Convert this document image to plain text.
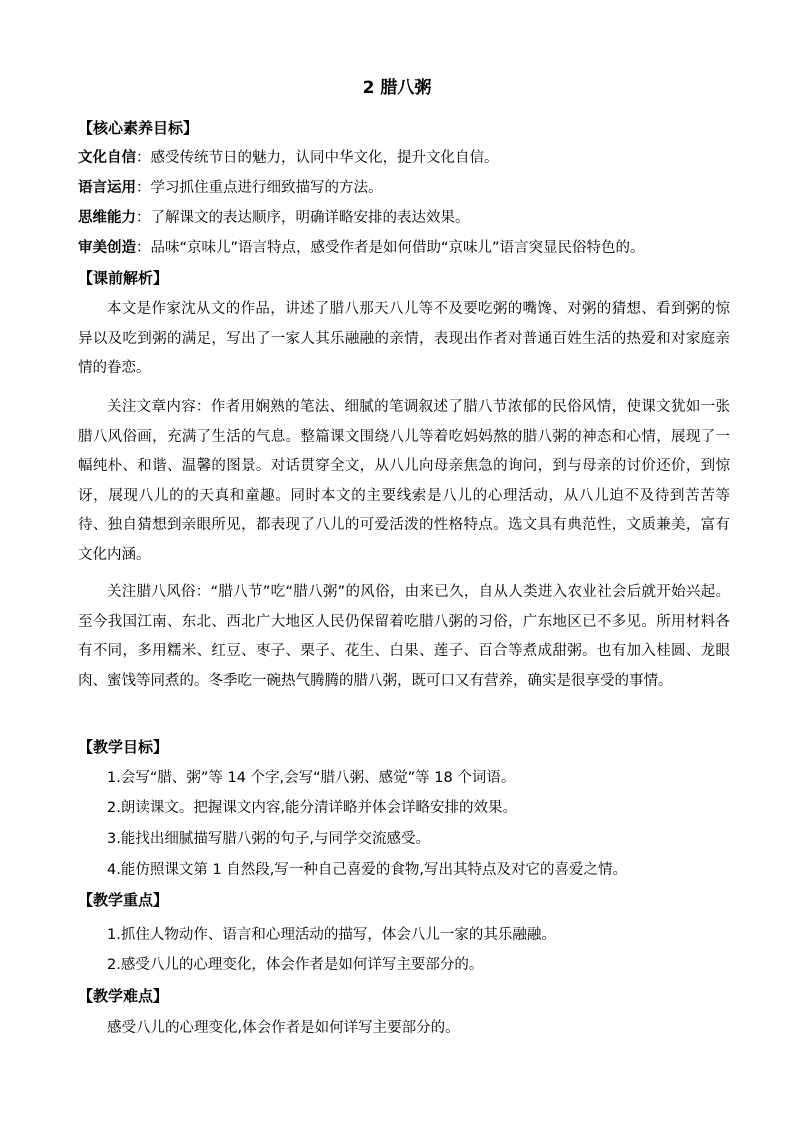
2 腊八粥
【核心素养目标】
文化自信：感受传统节日的魅力，认同中华文化，提升文化自信。
语言运用：学习抓住重点进行细致描写的方法。
思维能力：了解课文的表达顺序，明确详略安排的表达效果。
审美创造：品味“京味儿”语言特点，感受作者是如何借助“京味儿”语言突显民俗特色的。
【课前解析】
本文是作家沈从文的作品，讲述了腊八那天八儿等不及要吃粥的嘴馋、对粥的猜想、看到粥的惊异以及吃到粥的满足，写出了一家人其乐融融的亲情，表现出作者对普通百姓生活的热爱和对家庭亲情的眷恋。
关注文章内容：作者用娴熟的笔法、细腻的笔调叙述了腊八节浓郁的民俗风情，使课文犹如一张腊八风俗画，充满了生活的气息。整篇课文围绕八儿等着吃妈妈熬的腊八粥的神态和心情，展现了一幅纯朴、和谐、温馨的图景。对话贯穿全文，从八儿向母亲焦急的询问，到与母亲的讨价还价，到惊讶，展现八儿的的天真和童趣。同时本文的主要线索是八儿的心理活动，从八儿迫不及待到苦苦等待、独自猜想到亲眼所见，都表现了八儿的可爱活泼的性格特点。选文具有典范性，文质兼美，富有文化内涵。
关注腊八风俗：“腊八节”吃“腊八粥”的风俗，由来已久，自从人类进入农业社会后就开始兴起。至今我国江南、东北、西北广大地区人民仍保留着吃腊八粥的习俗，广东地区已不多见。所用材料各有不同，多用糯米、红豆、枣子、栗子、花生、白果、莲子、百合等煮成甜粥。也有加入桂圆、龙眼肉、蜜饯等同煮的。冬季吃一碗热气腾腾的腊八粥，既可口又有营养，确实是很享受的事情。
【教学目标】
1.会写“腊、粥”等 14 个字,会写“腊八粥、感觉”等 18 个词语。
2.朗读课文。把握课文内容,能分清详略并体会详略安排的效果。
3.能找出细腻描写腊八粥的句子,与同学交流感受。
4.能仿照课文第 1 自然段,写一种自己喜爱的食物,写出其特点及对它的喜爱之情。
【教学重点】
1.抓住人物动作、语言和心理活动的描写，体会八儿一家的其乐融融。
2.感受八儿的心理变化，体会作者是如何详写主要部分的。
【教学难点】
感受八儿的心理变化,体会作者是如何详写主要部分的。
